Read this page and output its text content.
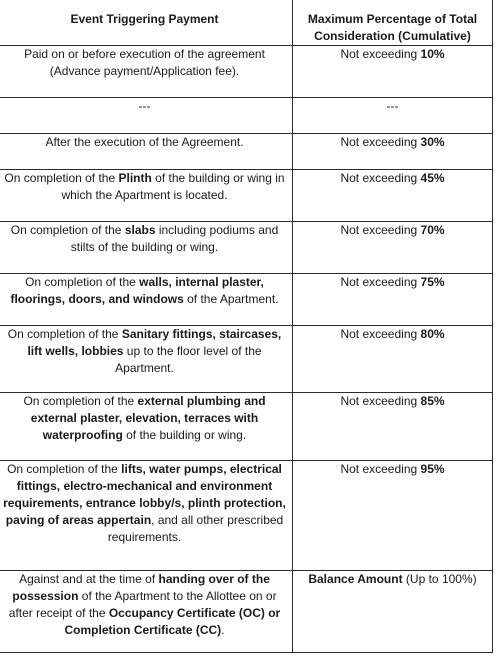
Event Triggering Payment	Maximum Percentage of Total Consideration (Cumulative)
Paid on or before execution of the agreement (Advance payment/Application fee).	Not exceeding 10%
---	---
After the execution of the Agreement.	Not exceeding 30%
On completion of the Plinth of the building or wing in which the Apartment is located.	Not exceeding 45%
On completion of the slabs including podiums and stilts of the building or wing.	Not exceeding 70%
On completion of the walls, internal plaster, floorings, doors, and windows of the Apartment.	Not exceeding 75%
On completion of the Sanitary fittings, staircases, lift wells, lobbies up to the floor level of the Apartment.	Not exceeding 80%
On completion of the external plumbing and external plaster, elevation, terraces with waterproofing of the building or wing.	Not exceeding 85%
On completion of the lifts, water pumps, electrical fittings, electro-mechanical and environment requirements, entrance lobby/s, plinth protection, paving of areas appertain, and all other prescribed requirements.	Not exceeding 95%
Against and at the time of handing over of the possession of the Apartment to the Allottee on or after receipt of the Occupancy Certificate (OC) or Completion Certificate (CC).	Balance Amount (Up to 100%)
